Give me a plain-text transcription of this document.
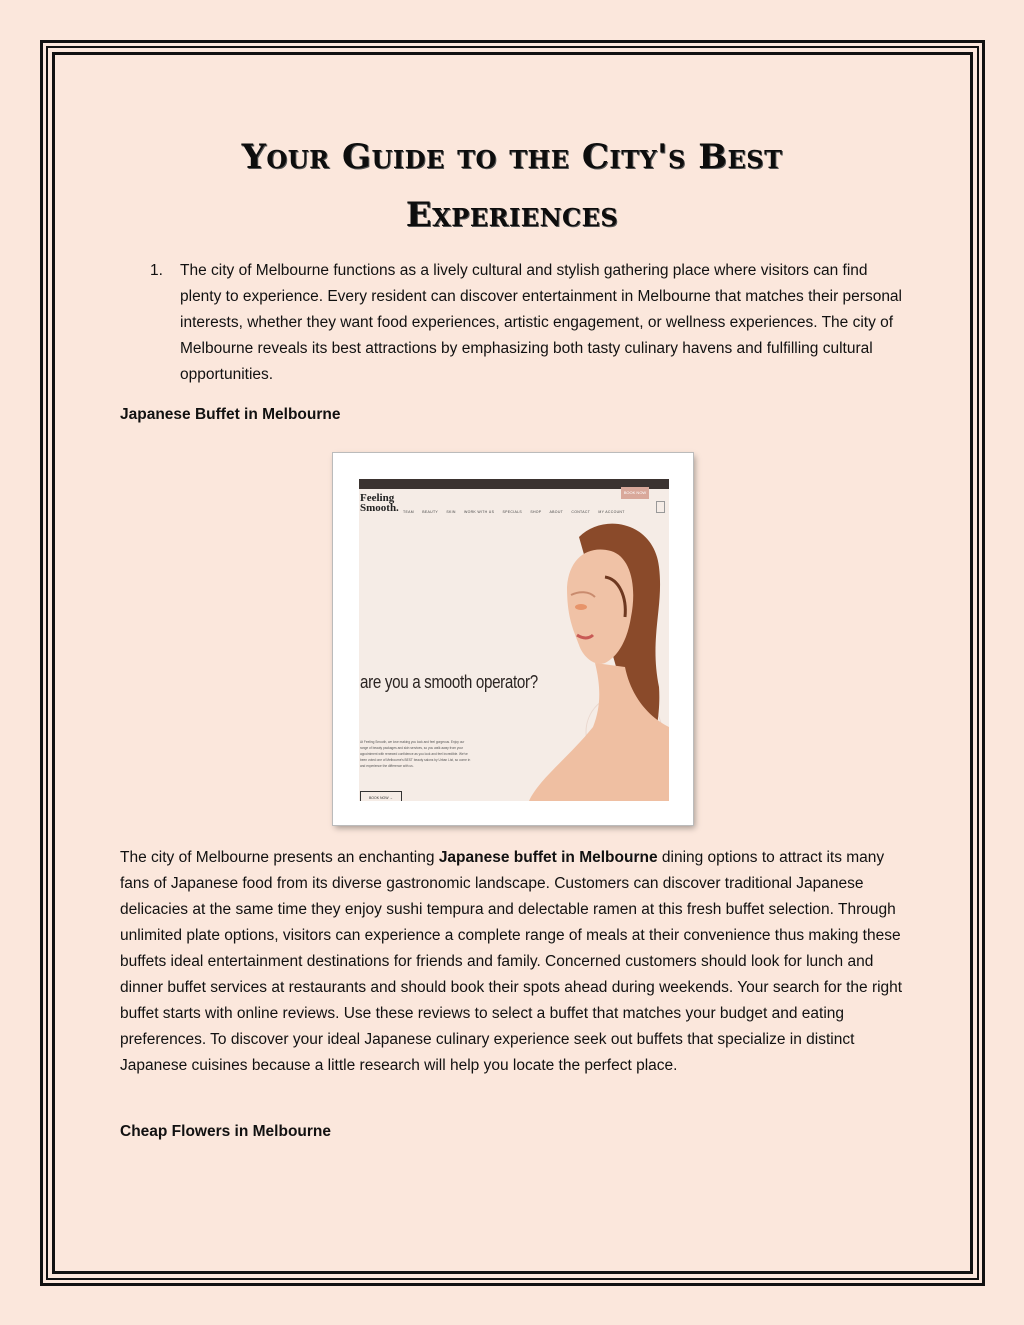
Your Guide to the City's Best
Experiences
1. The city of Melbourne functions as a lively cultural and stylish gathering place where visitors can find plenty to experience. Every resident can discover entertainment in Melbourne that matches their personal interests, whether they want food experiences, artistic engagement, or wellness experiences. The city of Melbourne reveals its best attractions by emphasizing both tasty culinary havens and fulfilling cultural opportunities.
Japanese Buffet in Melbourne
BOOK NOW
Feeling
Smooth. TEAM BEAUTY SKIN WORK WITH US SPECIALS SHOP ABOUT CONTACT MY ACCOUNT
are you a smooth operator?
At Feeling Smooth, we love making you look and feel gorgeous. Enjoy our range of beauty packages and skin services, so you walk away from your appointment with renewed confidence as you look and feel incredible. We've been voted one of Melbourne's BEST beauty salons by Urban List, so come in and experience the difference with us.
BOOK NOW →
The city of Melbourne presents an enchanting Japanese buffet in Melbourne dining options to attract its many fans of Japanese food from its diverse gastronomic landscape. Customers can discover traditional Japanese delicacies at the same time they enjoy sushi tempura and delectable ramen at this fresh buffet selection. Through unlimited plate options, visitors can experience a complete range of meals at their convenience thus making these buffets ideal entertainment destinations for friends and family. Concerned customers should look for lunch and dinner buffet services at restaurants and should book their spots ahead during weekends. Your search for the right buffet starts with online reviews. Use these reviews to select a buffet that matches your budget and eating preferences. To discover your ideal Japanese culinary experience seek out buffets that specialize in distinct Japanese cuisines because a little research will help you locate the perfect place.
Cheap Flowers in Melbourne
